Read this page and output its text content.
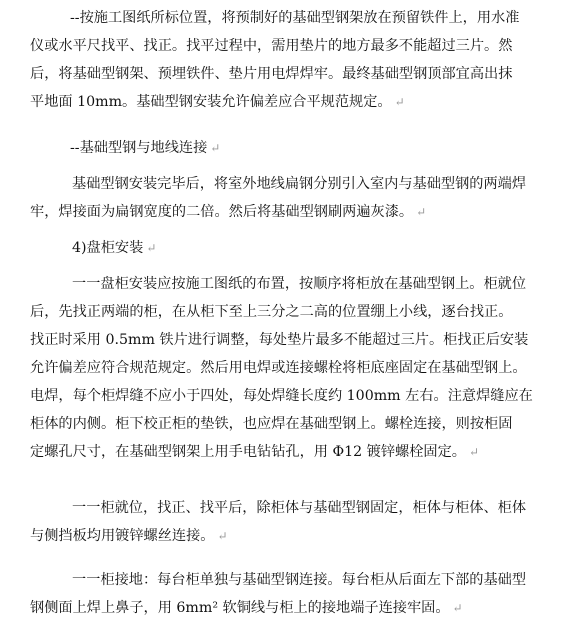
--按施工图纸所标位置，将预制好的基础型钢架放在预留铁件上，用水准
仪或水平尺找平、找正。找平过程中，需用垫片的地方最多不能超过三片。然
后，将基础型钢架、预埋铁件、垫片用电焊焊牢。最终基础型钢顶部宜高出抹
平地面 10mm。基础型钢安装允许偏差应合平规范规定。 ↵
--基础型钢与地线连接 ↵
基础型钢安装完毕后，将室外地线扁钢分别引入室内与基础型钢的两端焊
牢，焊接面为扁钢宽度的二倍。然后将基础型钢刷两遍灰漆。 ↵
4)盘柜安装 ↵
一一盘柜安装应按施工图纸的布置，按顺序将柜放在基础型钢上。柜就位
后，先找正两端的柜，在从柜下至上三分之二高的位置绷上小线，逐台找正。
找正时采用 0.5mm 铁片进行调整，每处垫片最多不能超过三片。柜找正后安装
允许偏差应符合规范规定。然后用电焊或连接螺栓将柜底座固定在基础型钢上。
电焊，每个柜焊缝不应小于四处，每处焊缝长度约 100mm 左右。注意焊缝应在
柜体的内侧。柜下校正柜的垫铁，也应焊在基础型钢上。螺栓连接，则按柜固
定螺孔尺寸，在基础型钢架上用手电钻钻孔，用 Φ12 镀锌螺栓固定。 ↵
一一柜就位，找正、找平后，除柜体与基础型钢固定，柜体与柜体、柜体
与侧挡板均用镀锌螺丝连接。 ↵
一一柜接地：每台柜单独与基础型钢连接。每台柜从后面左下部的基础型
钢侧面上焊上鼻子，用 6mm² 软铜线与柜上的接地端子连接牢固。 ↵
